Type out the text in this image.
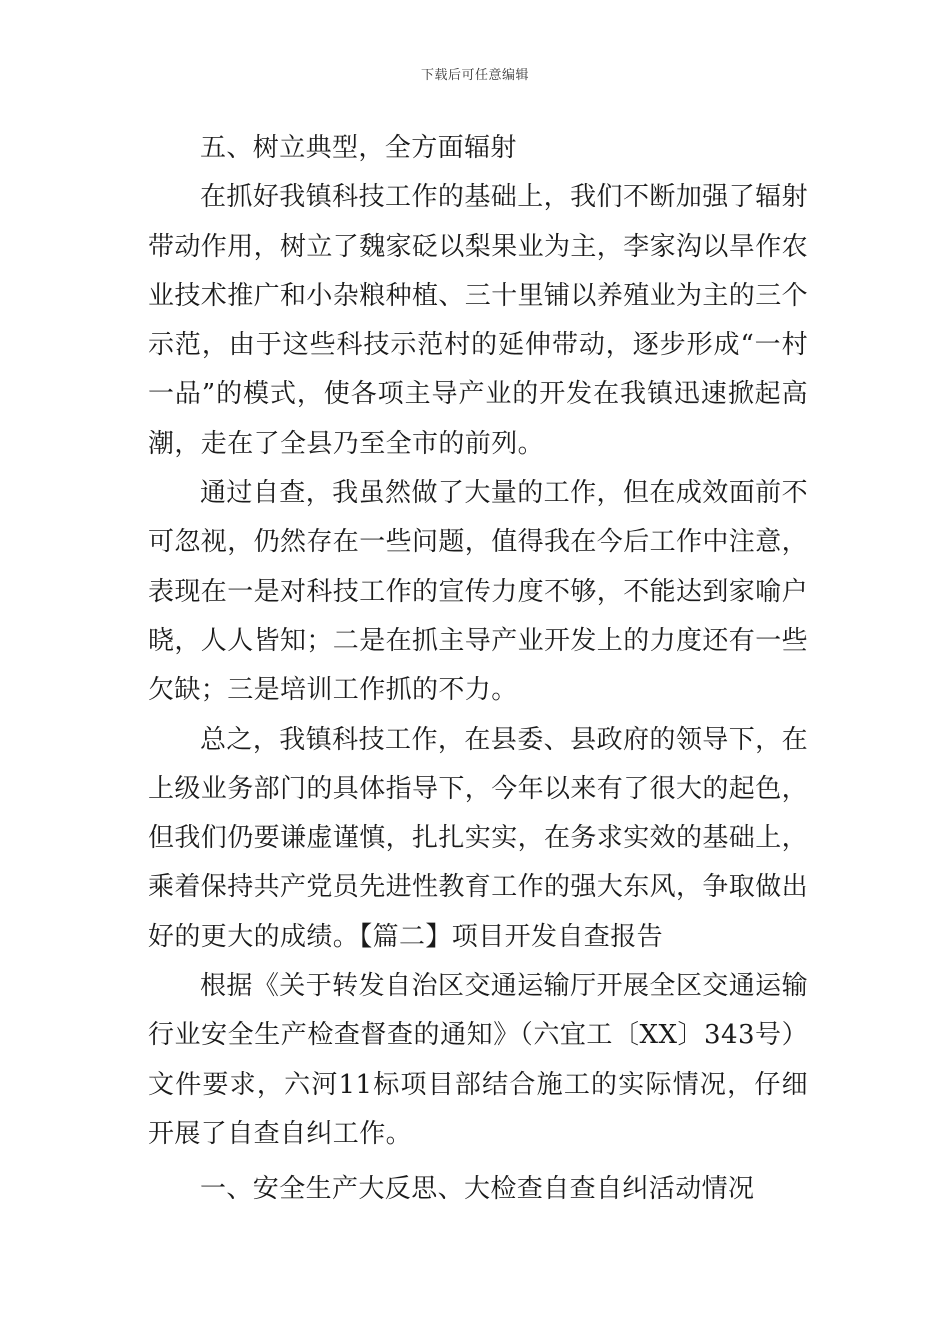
下载后可任意编辑

五、树立典型，全方面辐射

在抓好我镇科技工作的基础上，我们不断加强了辐射带动作用，树立了魏家砭以梨果业为主，李家沟以旱作农业技术推广和小杂粮种植、三十里铺以养殖业为主的三个示范，由于这些科技示范村的延伸带动，逐步形成“一村一品”的模式，使各项主导产业的开发在我镇迅速掀起高潮，走在了全县乃至全市的前列。

通过自查，我虽然做了大量的工作，但在成效面前不可忽视，仍然存在一些问题，值得我在今后工作中注意，表现在一是对科技工作的宣传力度不够，不能达到家喻户晓，人人皆知；二是在抓主导产业开发上的力度还有一些欠缺；三是培训工作抓的不力。

总之，我镇科技工作，在县委、县政府的领导下，在上级业务部门的具体指导下，今年以来有了很大的起色，但我们仍要谦虚谨慎，扎扎实实，在务求实效的基础上，乘着保持共产党员先进性教育工作的强大东风，争取做出好的更大的成绩。【篇二】项目开发自查报告

根据《关于转发自治区交通运输厅开展全区交通运输行业安全生产检查督查的通知》（六宜工〔XX〕343号）文件要求，六河11标项目部结合施工的实际情况，仔细开展了自查自纠工作。

一、安全生产大反思、大检查自查自纠活动情况
